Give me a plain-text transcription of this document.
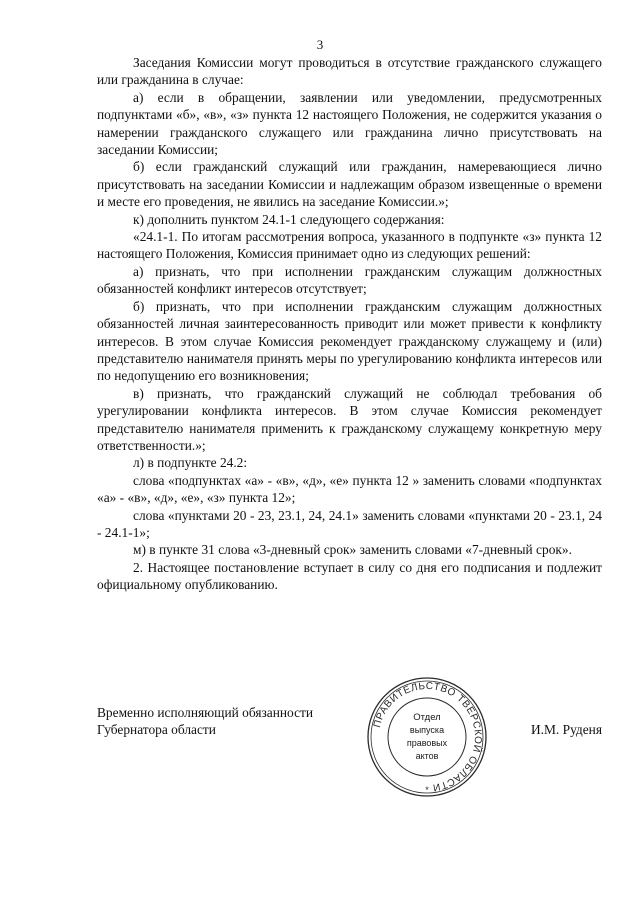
3

Заседания Комиссии могут проводиться в отсутствие гражданского служащего или гражданина в случае:

а) если в обращении, заявлении или уведомлении, предусмотренных подпунктами «б», «в», «з» пункта 12 настоящего Положения, не содержится указания о намерении гражданского служащего или гражданина лично присутствовать на заседании Комиссии;

б) если гражданский служащий или гражданин, намеревающиеся лично присутствовать на заседании Комиссии и надлежащим образом извещенные о времени и месте его проведения, не явились на заседание Комиссии.»;

к) дополнить пунктом 24.1-1 следующего содержания:

«24.1-1. По итогам рассмотрения вопроса, указанного в подпункте «з» пункта 12 настоящего Положения, Комиссия принимает одно из следующих решений:

а) признать, что при исполнении гражданским служащим должностных обязанностей конфликт интересов отсутствует;

б) признать, что при исполнении гражданским служащим должностных обязанностей личная заинтересованность приводит или может привести к конфликту интересов. В этом случае Комиссия рекомендует гражданскому служащему и (или) представителю нанимателя принять меры по урегулированию конфликта интересов или по недопущению его возникновения;

в) признать, что гражданский служащий не соблюдал требования об урегулировании конфликта интересов. В этом случае Комиссия рекомендует представителю нанимателя применить к гражданскому служащему конкретную меру ответственности.»;

л) в подпункте 24.2:

слова «подпунктах «а» - «в», «д», «е» пункта 12 » заменить словами «подпунктах «а» - «в», «д», «е», «з» пункта 12»;

слова «пунктами 20 - 23, 23.1, 24, 24.1» заменить словами «пунктами 20 - 23.1, 24 - 24.1-1»;

м) в пункте 31 слова «3-дневный срок» заменить словами «7-дневный срок».

2. Настоящее постановление вступает в силу со дня его подписания и подлежит официальному опубликованию.

Временно исполняющий обязанности
Губернатора области	ПРАВИТЕЛЬСТВО ТВЕРСКОЙ ОБЛАСТИ
Отдел
выпуска
правовых
актов
*
И.М. Руденя
